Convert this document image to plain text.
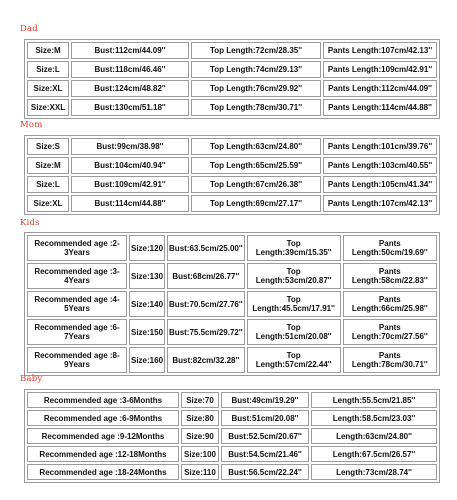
Dad
Size:M	Bust:112cm/44.09''	Top Length:72cm/28.35''	Pants Length:107cm/42.13''
Size:L	Bust:118cm/46.46''	Top Length:74cm/29.13''	Pants Length:109cm/42.91''
Size:XL	Bust:124cm/48.82''	Top Length:76cm/29.92''	Pants Length:112cm/44.09''
Size:XXL	Bust:130cm/51.18''	Top Length:78cm/30.71''	Pants Length:114cm/44.88''
Mom
Size:S	Bust:99cm/38.98''	Top Length:63cm/24.80''	Pants Length:101cm/39.76''
Size:M	Bust:104cm/40.94''	Top Length:65cm/25.59''	Pants Length:103cm/40.55''
Size:L	Bust:109cm/42.91''	Top Length:67cm/26.38''	Pants Length:105cm/41.34''
Size:XL	Bust:114cm/44.88''	Top Length:69cm/27.17''	Pants Length:107cm/42.13''
Kids
Recommended age :2-3Years	Size:120	Bust:63.5cm/25.00''	Top Length:39cm/15.35''	Pants Length:50cm/19.69''
Recommended age :3-4Years	Size:130	Bust:68cm/26.77''	Top Length:53cm/20.87''	Pants Length:58cm/22.83''
Recommended age :4-5Years	Size:140	Bust:70.5cm/27.76''	Top Length:45.5cm/17.91''	Pants Length:66cm/25.98''
Recommended age :6-7Years	Size:150	Bust:75.5cm/29.72''	Top Length:51cm/20.08''	Pants Length:70cm/27.56''
Recommended age :8-9Years	Size:160	Bust:82cm/32.28''	Top Length:57cm/22.44''	Pants Length:78cm/30.71''
Baby
Recommended age :3-6Months	Size:70	Bust:49cm/19.29''	Length:55.5cm/21.85''
Recommended age :6-9Months	Size:80	Bust:51cm/20.08''	Length:58.5cm/23.03''
Recommended age :9-12Months	Size:90	Bust:52.5cm/20.67''	Length:63cm/24.80''
Recommended age :12-18Months	Size:100	Bust:54.5cm/21.46''	Length:67.5cm/26.57''
Recommended age :18-24Months	Size:110	Bust:56.5cm/22.24''	Length:73cm/28.74''
